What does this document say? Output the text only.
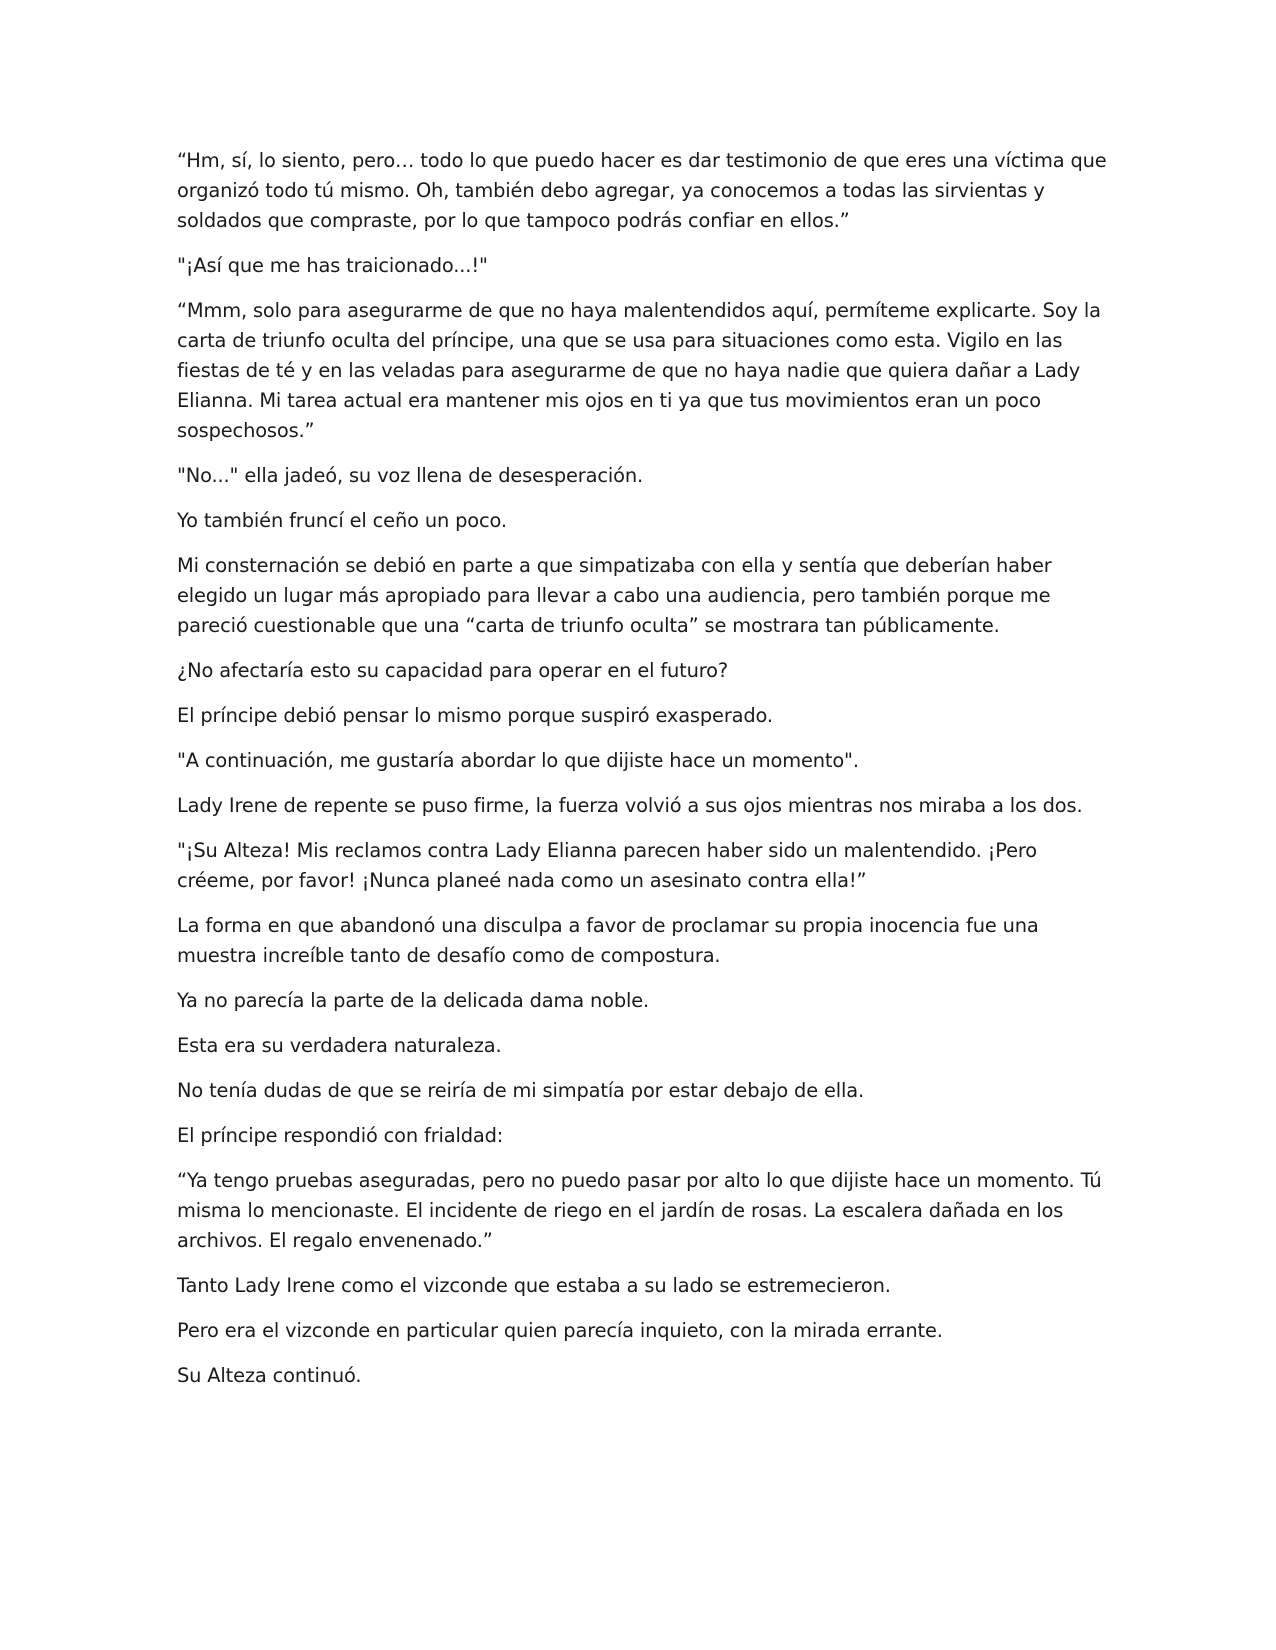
“Hm, sí, lo siento, pero… todo lo que puedo hacer es dar testimonio de que eres una víctima que organizó todo tú mismo. Oh, también debo agregar, ya conocemos a todas las sirvientas y soldados que compraste, por lo que tampoco podrás confiar en ellos.”

"¡Así que me has traicionado...!"

“Mmm, solo para asegurarme de que no haya malentendidos aquí, permíteme explicarte. Soy la carta de triunfo oculta del príncipe, una que se usa para situaciones como esta. Vigilo en las fiestas de té y en las veladas para asegurarme de que no haya nadie que quiera dañar a Lady Elianna. Mi tarea actual era mantener mis ojos en ti ya que tus movimientos eran un poco sospechosos.”

"No..." ella jadeó, su voz llena de desesperación.

Yo también fruncí el ceño un poco.

Mi consternación se debió en parte a que simpatizaba con ella y sentía que deberían haber elegido un lugar más apropiado para llevar a cabo una audiencia, pero también porque me pareció cuestionable que una “carta de triunfo oculta” se mostrara tan públicamente.

¿No afectaría esto su capacidad para operar en el futuro?

El príncipe debió pensar lo mismo porque suspiró exasperado.

"A continuación, me gustaría abordar lo que dijiste hace un momento".

Lady Irene de repente se puso firme, la fuerza volvió a sus ojos mientras nos miraba a los dos.

"¡Su Alteza! Mis reclamos contra Lady Elianna parecen haber sido un malentendido. ¡Pero créeme, por favor! ¡Nunca planeé nada como un asesinato contra ella!”

La forma en que abandonó una disculpa a favor de proclamar su propia inocencia fue una muestra increíble tanto de desafío como de compostura.

Ya no parecía la parte de la delicada dama noble.

Esta era su verdadera naturaleza.

No tenía dudas de que se reiría de mi simpatía por estar debajo de ella.

El príncipe respondió con frialdad:

“Ya tengo pruebas aseguradas, pero no puedo pasar por alto lo que dijiste hace un momento. Tú misma lo mencionaste. El incidente de riego en el jardín de rosas. La escalera dañada en los archivos. El regalo envenenado.”

Tanto Lady Irene como el vizconde que estaba a su lado se estremecieron.

Pero era el vizconde en particular quien parecía inquieto, con la mirada errante.

Su Alteza continuó.
